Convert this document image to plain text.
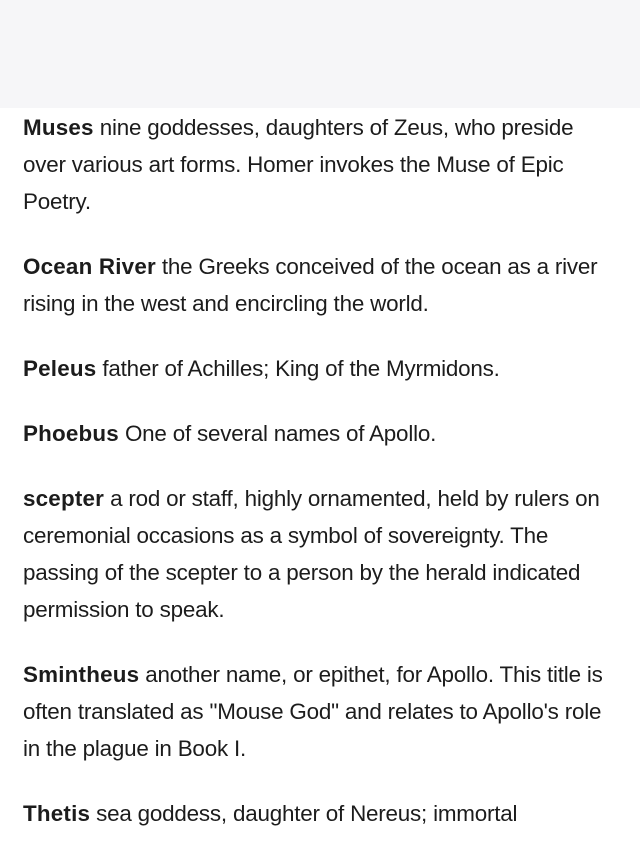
Muses nine goddesses, daughters of Zeus, who preside over various art forms. Homer invokes the Muse of Epic Poetry.

Ocean River the Greeks conceived of the ocean as a river rising in the west and encircling the world.

Peleus father of Achilles; King of the Myrmidons.

Phoebus One of several names of Apollo.

scepter a rod or staff, highly ornamented, held by rulers on ceremonial occasions as a symbol of sovereignty. The passing of the scepter to a person by the herald indicated permission to speak.

Smintheus another name, or epithet, for Apollo. This title is often translated as "Mouse God" and relates to Apollo's role in the plague in Book I.

Thetis sea goddess, daughter of Nereus; immortal
